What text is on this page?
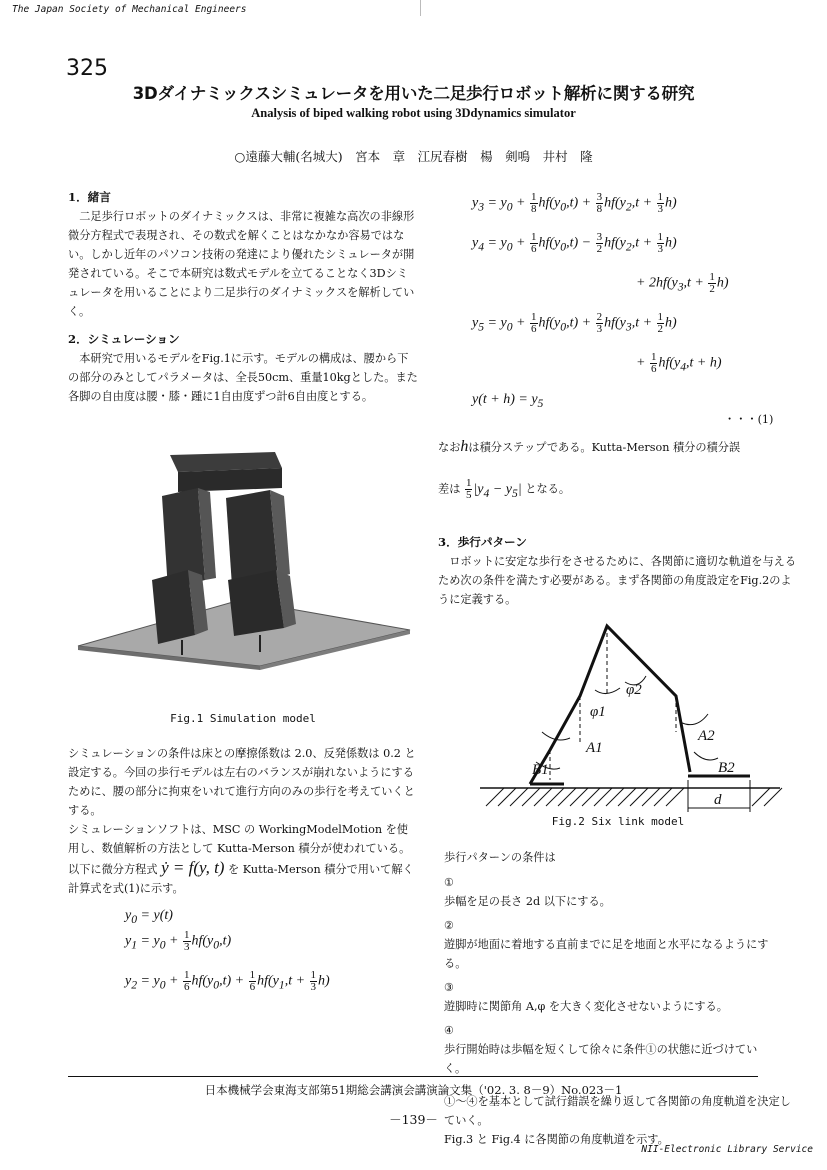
The Japan Society of Mechanical Engineers
325
3Dダイナミックスシミュレータを用いた二足歩行ロボット解析に関する研究
Analysis of biped walking robot using 3Ddynamics simulator
○遠藤大輔(名城大)　宮本　章　江尻春樹　楊　剣鳴　井村　隆
1．緒言

二足歩行ロボットのダイナミックスは、非常に複雑な高次の非線形微分方程式で表現され、その数式を解くことはなかなか容易ではない。しかし近年のパソコン技術の発達により優れたシミュレータが開発されている。そこで本研究は数式モデルを立てることなく3Dシミュレータを用いることにより二足歩行のダイナミックスを解析していく。

2．シミュレーション

本研究で用いるモデルをFig.1に示す。モデルの構成は、腰から下の部分のみとしてパラメータは、全長50cm、重量10kgとした。また各脚の自由度は腰・膝・踵に1自由度ずつ計6自由度とする。

Fig.1 Simulation model

シミュレーションの条件は床との摩擦係数は 2.0、反発係数は 0.2 と設定する。今回の歩行モデルは左右のバランスが崩れないようにするために、腰の部分に拘束をいれて進行方向のみの歩行を考えていくとする。

シミュレーションソフトは、MSC の WorkingModelMotion を使用し、数値解析の方法として Kutta-Merson 積分が使われている。以下に微分方程式 ẏ = f(y, t) を Kutta-Merson 積分で用いて解く計算式を式(1)に示す。

$y_0 = y(t)$
$y_1 = y_0 + \frac{1}{3} hf(y_0,t)$
$y_2 = y_0 + \frac{1}{6} hf(y_0,t) + \frac{1}{6} hf(y_1,t + \frac{1}{3} h)$
$y_3 = y_0 + \frac{1}{8} hf(y_0,t) + \frac{3}{8} hf(y_2,t + \frac{1}{3} h)$
$y_4 = y_0 + \frac{1}{6} hf(y_0,t) - \frac{3}{2} hf(y_2,t + \frac{1}{3} h)$
+ $2hf(y_3,t + \frac{1}{2} h)$
$y_5 = y_0 + \frac{1}{6} hf(y_0,t) + \frac{2}{3} hf(y_3,t + \frac{1}{2} h)$
+ $\frac{1}{6} hf(y_4,t + h)$
$y(t + h) = y_5$
・・・(1)
なおhは積分ステップである。Kutta-Merson 積分の積分誤
差は $\frac{1}{5} |y_4 - y_5|$ となる。
3．歩行パターン

ロボットに安定な歩行をさせるために、各関節に適切な軌道を与えるため次の条件を満たす必要がある。まず各関節の角度設定をFig.2のように定義する。

φ2
φ1
A1
A2
B1	B2
d
Fig.2 Six link model
歩行パターンの条件は
①歩幅を足の長さ 2d 以下にする。
②遊脚が地面に着地する直前までに足を地面と水平になるようにする。
③遊脚時に関節角 A,φ を大きく変化させないようにする。
④歩行開始時は歩幅を短くして徐々に条件①の状態に近づけていく。

①～④を基本として試行錯誤を繰り返して各関節の角度軌道を決定していく。

Fig.3 と Fig.4 に各関節の角度軌道を示す。

日本機械学会東海支部第51期総会講演会講演論文集（'02. 3. 8－9）No.023－1
－139－
NII-Electronic Library Service
